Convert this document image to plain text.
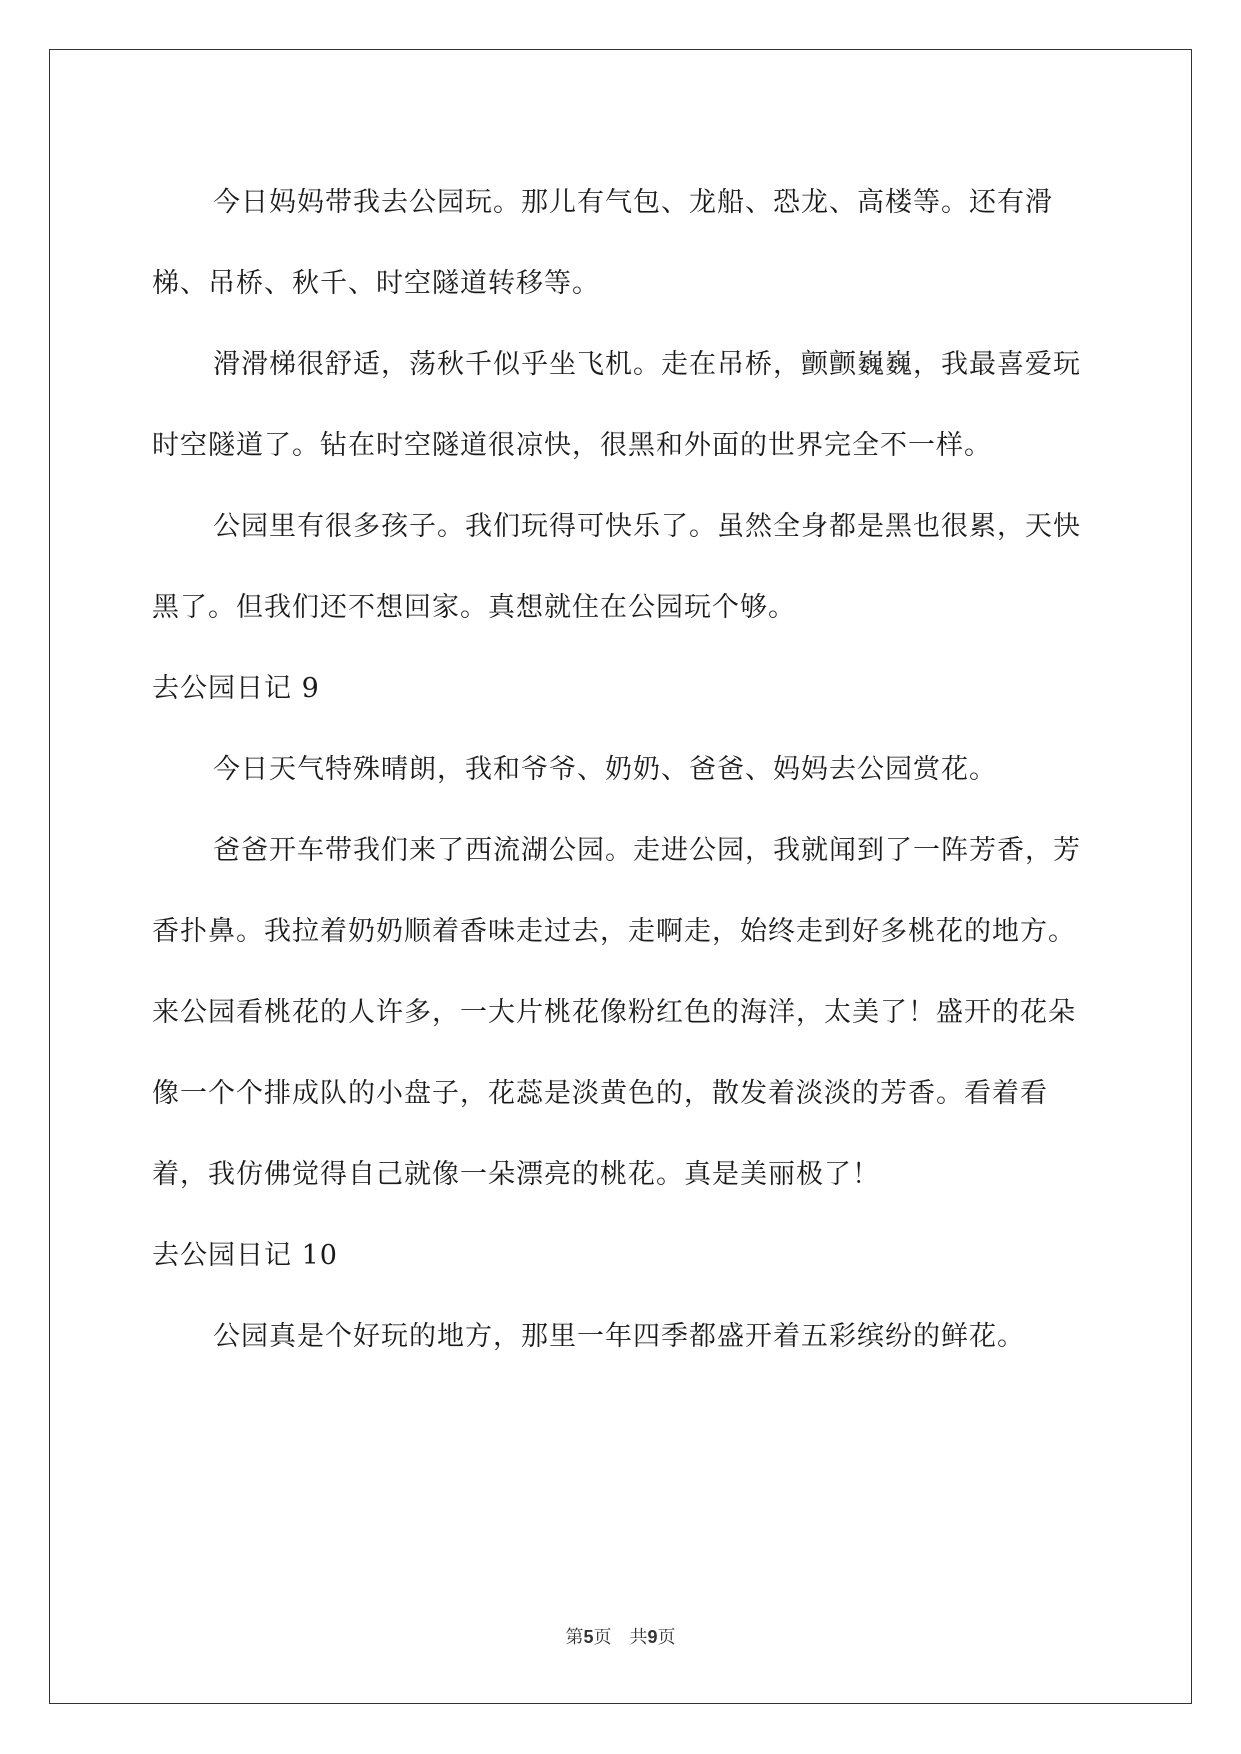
今日妈妈带我去公园玩。那儿有气包、龙船、恐龙、高楼等。还有滑梯、吊桥、秋千、时空隧道转移等。

滑滑梯很舒适，荡秋千似乎坐飞机。走在吊桥，颤颤巍巍，我最喜爱玩时空隧道了。钻在时空隧道很凉快，很黑和外面的世界完全不一样。

公园里有很多孩子。我们玩得可快乐了。虽然全身都是黑也很累，天快黑了。但我们还不想回家。真想就住在公园玩个够。

去公园日记 9

今日天气特殊晴朗，我和爷爷、奶奶、爸爸、妈妈去公园赏花。

爸爸开车带我们来了西流湖公园。走进公园，我就闻到了一阵芳香，芳香扑鼻。我拉着奶奶顺着香味走过去，走啊走，始终走到好多桃花的地方。来公园看桃花的人许多，一大片桃花像粉红色的海洋，太美了！盛开的花朵像一个个排成队的小盘子，花蕊是淡黄色的，散发着淡淡的芳香。看着看着，我仿佛觉得自己就像一朵漂亮的桃花。真是美丽极了！

去公园日记 10

公园真是个好玩的地方，那里一年四季都盛开着五彩缤纷的鲜花。

第5页 共9页
